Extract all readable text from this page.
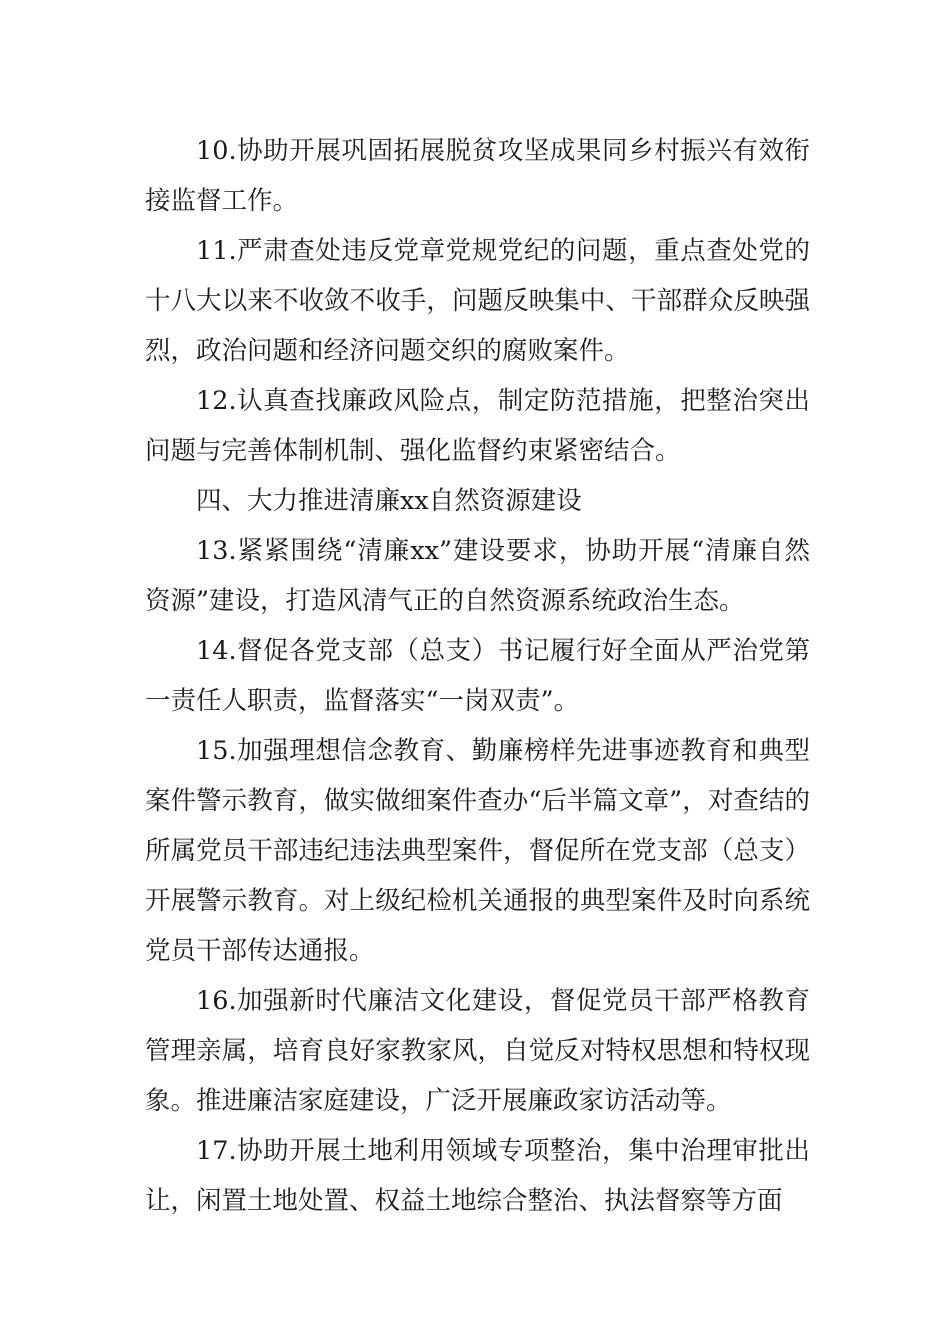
10.协助开展巩固拓展脱贫攻坚成果同乡村振兴有效衔接监督工作。

11.严肃查处违反党章党规党纪的问题，重点查处党的十八大以来不收敛不收手，问题反映集中、干部群众反映强烈，政治问题和经济问题交织的腐败案件。

12.认真查找廉政风险点，制定防范措施，把整治突出问题与完善体制机制、强化监督约束紧密结合。

四、大力推进清廉xx自然资源建设

13.紧紧围绕“清廉xx”建设要求，协助开展“清廉自然资源”建设，打造风清气正的自然资源系统政治生态。

14.督促各党支部（总支）书记履行好全面从严治党第一责任人职责，监督落实“一岗双责”。

15.加强理想信念教育、勤廉榜样先进事迹教育和典型案件警示教育，做实做细案件查办“后半篇文章”，对查结的所属党员干部违纪违法典型案件，督促所在党支部（总支）开展警示教育。对上级纪检机关通报的典型案件及时向系统党员干部传达通报。

16.加强新时代廉洁文化建设，督促党员干部严格教育管理亲属，培育良好家教家风，自觉反对特权思想和特权现象。推进廉洁家庭建设，广泛开展廉政家访活动等。

17.协助开展土地利用领域专项整治，集中治理审批出让，闲置土地处置、权益土地综合整治、执法督察等方面
